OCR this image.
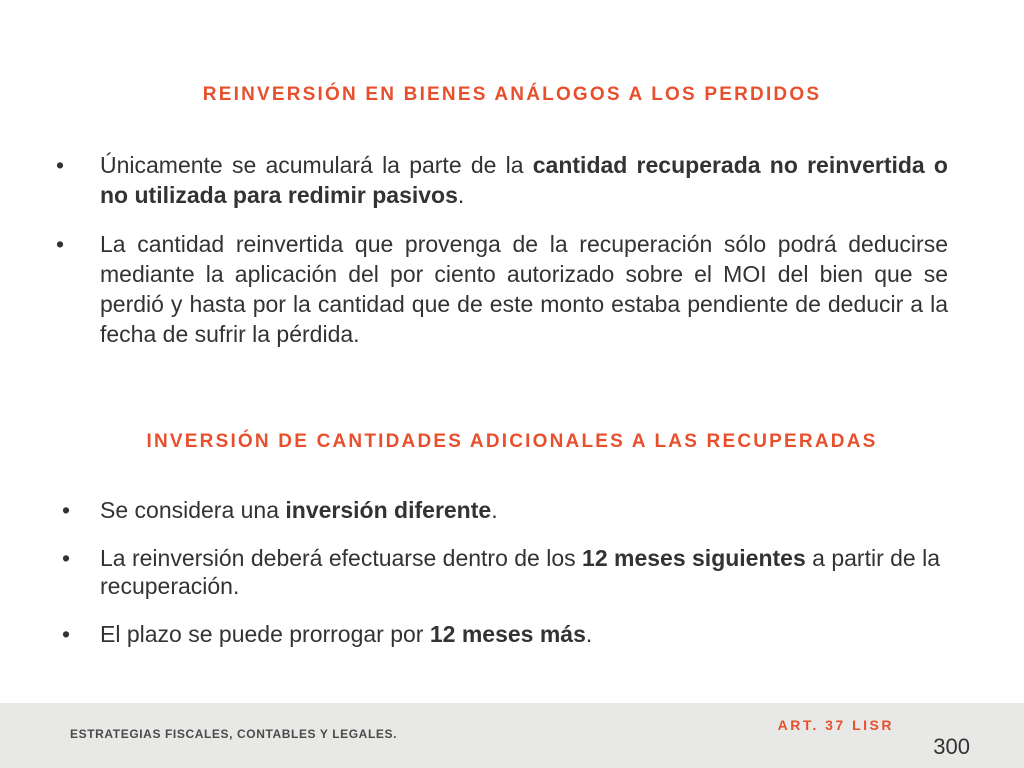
REINVERSIÓN EN BIENES ANÁLOGOS A LOS PERDIDOS
•	Únicamente se acumulará la parte de la cantidad recuperada no reinvertida o no utilizada para redimir pasivos.
•	La cantidad reinvertida que provenga de la recuperación sólo podrá deducirse mediante la aplicación del por ciento autorizado sobre el MOI del bien que se perdió y hasta por la cantidad que de este monto estaba pendiente de deducir a la fecha de sufrir la pérdida.
INVERSIÓN DE CANTIDADES ADICIONALES A LAS RECUPERADAS
• Se considera una inversión diferente.
• La reinversión deberá efectuarse dentro de los 12 meses siguientes a partir de la recuperación.
• El plazo se puede prorrogar por 12 meses más.
ESTRATEGIAS FISCALES, CONTABLES Y LEGALES.
ART. 37 LISR
300
